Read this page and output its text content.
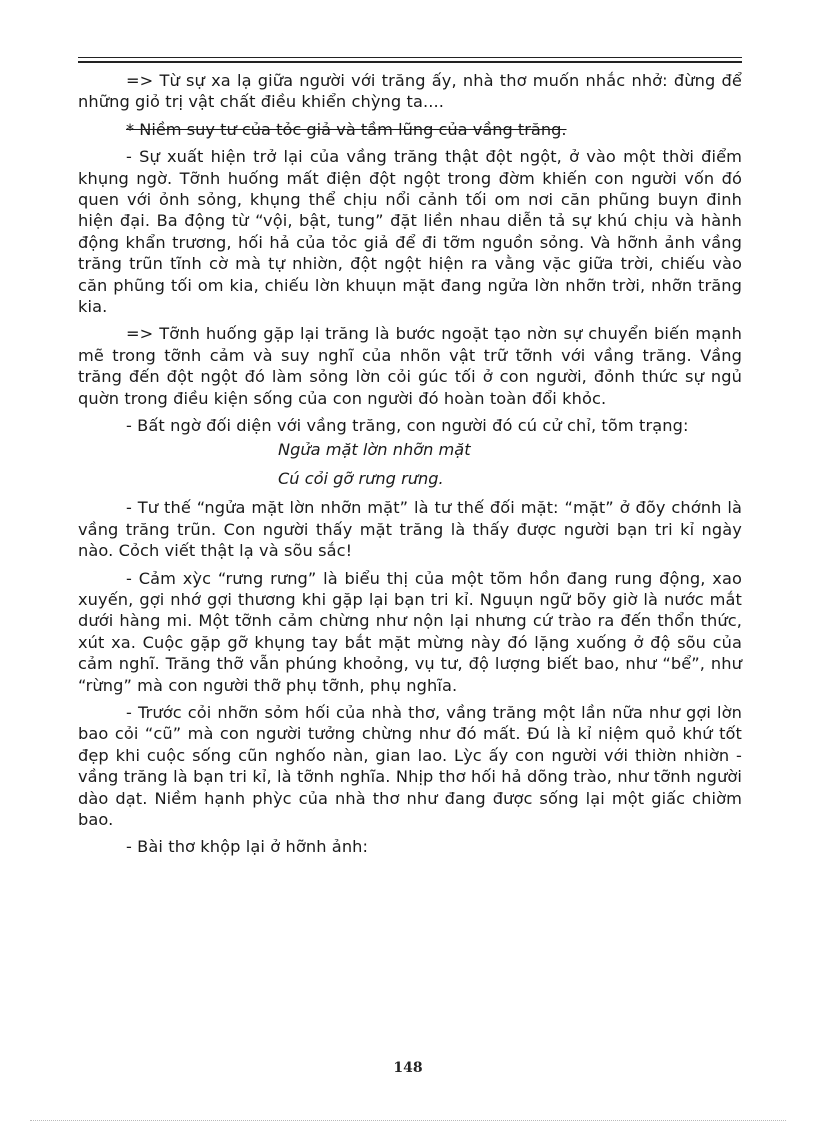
=> Từ sự xa lạ giữa người với trăng ấy, nhà thơ muốn nhắc nhở: đừng để những giỏ trị vật chất điều khiển chỳng ta....

* Niềm suy tư của tỏc giả và tầm lũng của vầng trăng.

- Sự xuất hiện trở lại của vầng trăng thật đột ngột, ở vào một thời điểm khụng ngờ. Tỡnh huống mất điện đột ngột trong đờm khiến con người vốn đó quen với ỏnh sỏng, khụng thể chịu nổi cảnh tối om nơi căn phũng buyn đinh hiện đại. Ba động từ “vội, bật, tung” đặt liền nhau diễn tả sự khú chịu và hành động khẩn trương, hối hả của tỏc giả để đi tỡm nguồn sỏng. Và hỡnh ảnh vầng trăng trũn tĩnh cờ mà tự nhiờn, đột ngột hiện ra vằng vặc giữa trời, chiếu vào căn phũng tối om kia, chiếu lờn khuụn mặt đang ngửa lờn nhỡn trời, nhỡn trăng kia.

=> Tỡnh huống gặp lại trăng là bước ngoặt tạo nờn sự chuyển biến mạnh mẽ trong tỡnh cảm và suy nghĩ của nhõn vật trữ tỡnh với vầng trăng. Vầng trăng đến đột ngột đó làm sỏng lờn cỏi gúc tối ở con người, đỏnh thức sự ngủ quờn trong điều kiện sống của con người đó hoàn toàn đổi khỏc.

- Bất ngờ đối diện với vầng trăng, con người đó cú cử chỉ, tõm trạng:

Ngửa mặt lờn nhỡn mặt

Cú cỏi gỡ rưng rưng.

- Tư thế “ngửa mặt lờn nhỡn mặt” là tư thế đối mặt: “mặt” ở đõy chớnh là vầng trăng trũn. Con người thấy mặt trăng là thấy được người bạn tri kỉ ngày nào. Cỏch viết thật lạ và sõu sắc!

- Cảm xỳc “rưng rưng” là biểu thị của một tõm hồn đang rung động, xao xuyến, gợi nhớ gợi thương khi gặp lại bạn tri kỉ. Nguụn ngữ bõy giờ là nước mắt dưới hàng mi. Một tỡnh cảm chừng như nộn lại nhưng cứ trào ra đến thổn thức, xút xa. Cuộc gặp gỡ khụng tay bắt mặt mừng này đó lặng xuống ở độ sõu của cảm nghĩ. Trăng thỡ vẫn phúng khoỏng, vụ tư, độ lượng biết bao, như “bể”, như “rừng” mà con người thỡ phụ tỡnh, phụ nghĩa.

- Trước cỏi nhỡn sỏm hối của nhà thơ, vầng trăng một lần nữa như gợi lờn bao cỏi “cũ” mà con người tưởng chừng như đó mất. Đú là kỉ niệm quỏ khứ tốt đẹp khi cuộc sống cũn nghốo nàn, gian lao. Lỳc ấy con người với thiờn nhiờn - vầng trăng là bạn tri kỉ, là tỡnh nghĩa. Nhịp thơ hối hả dõng trào, như tỡnh người dào dạt. Niềm hạnh phỳc của nhà thơ như đang được sống lại một giấc chiờm bao.

- Bài thơ khộp lại ở hỡnh ảnh:

148
